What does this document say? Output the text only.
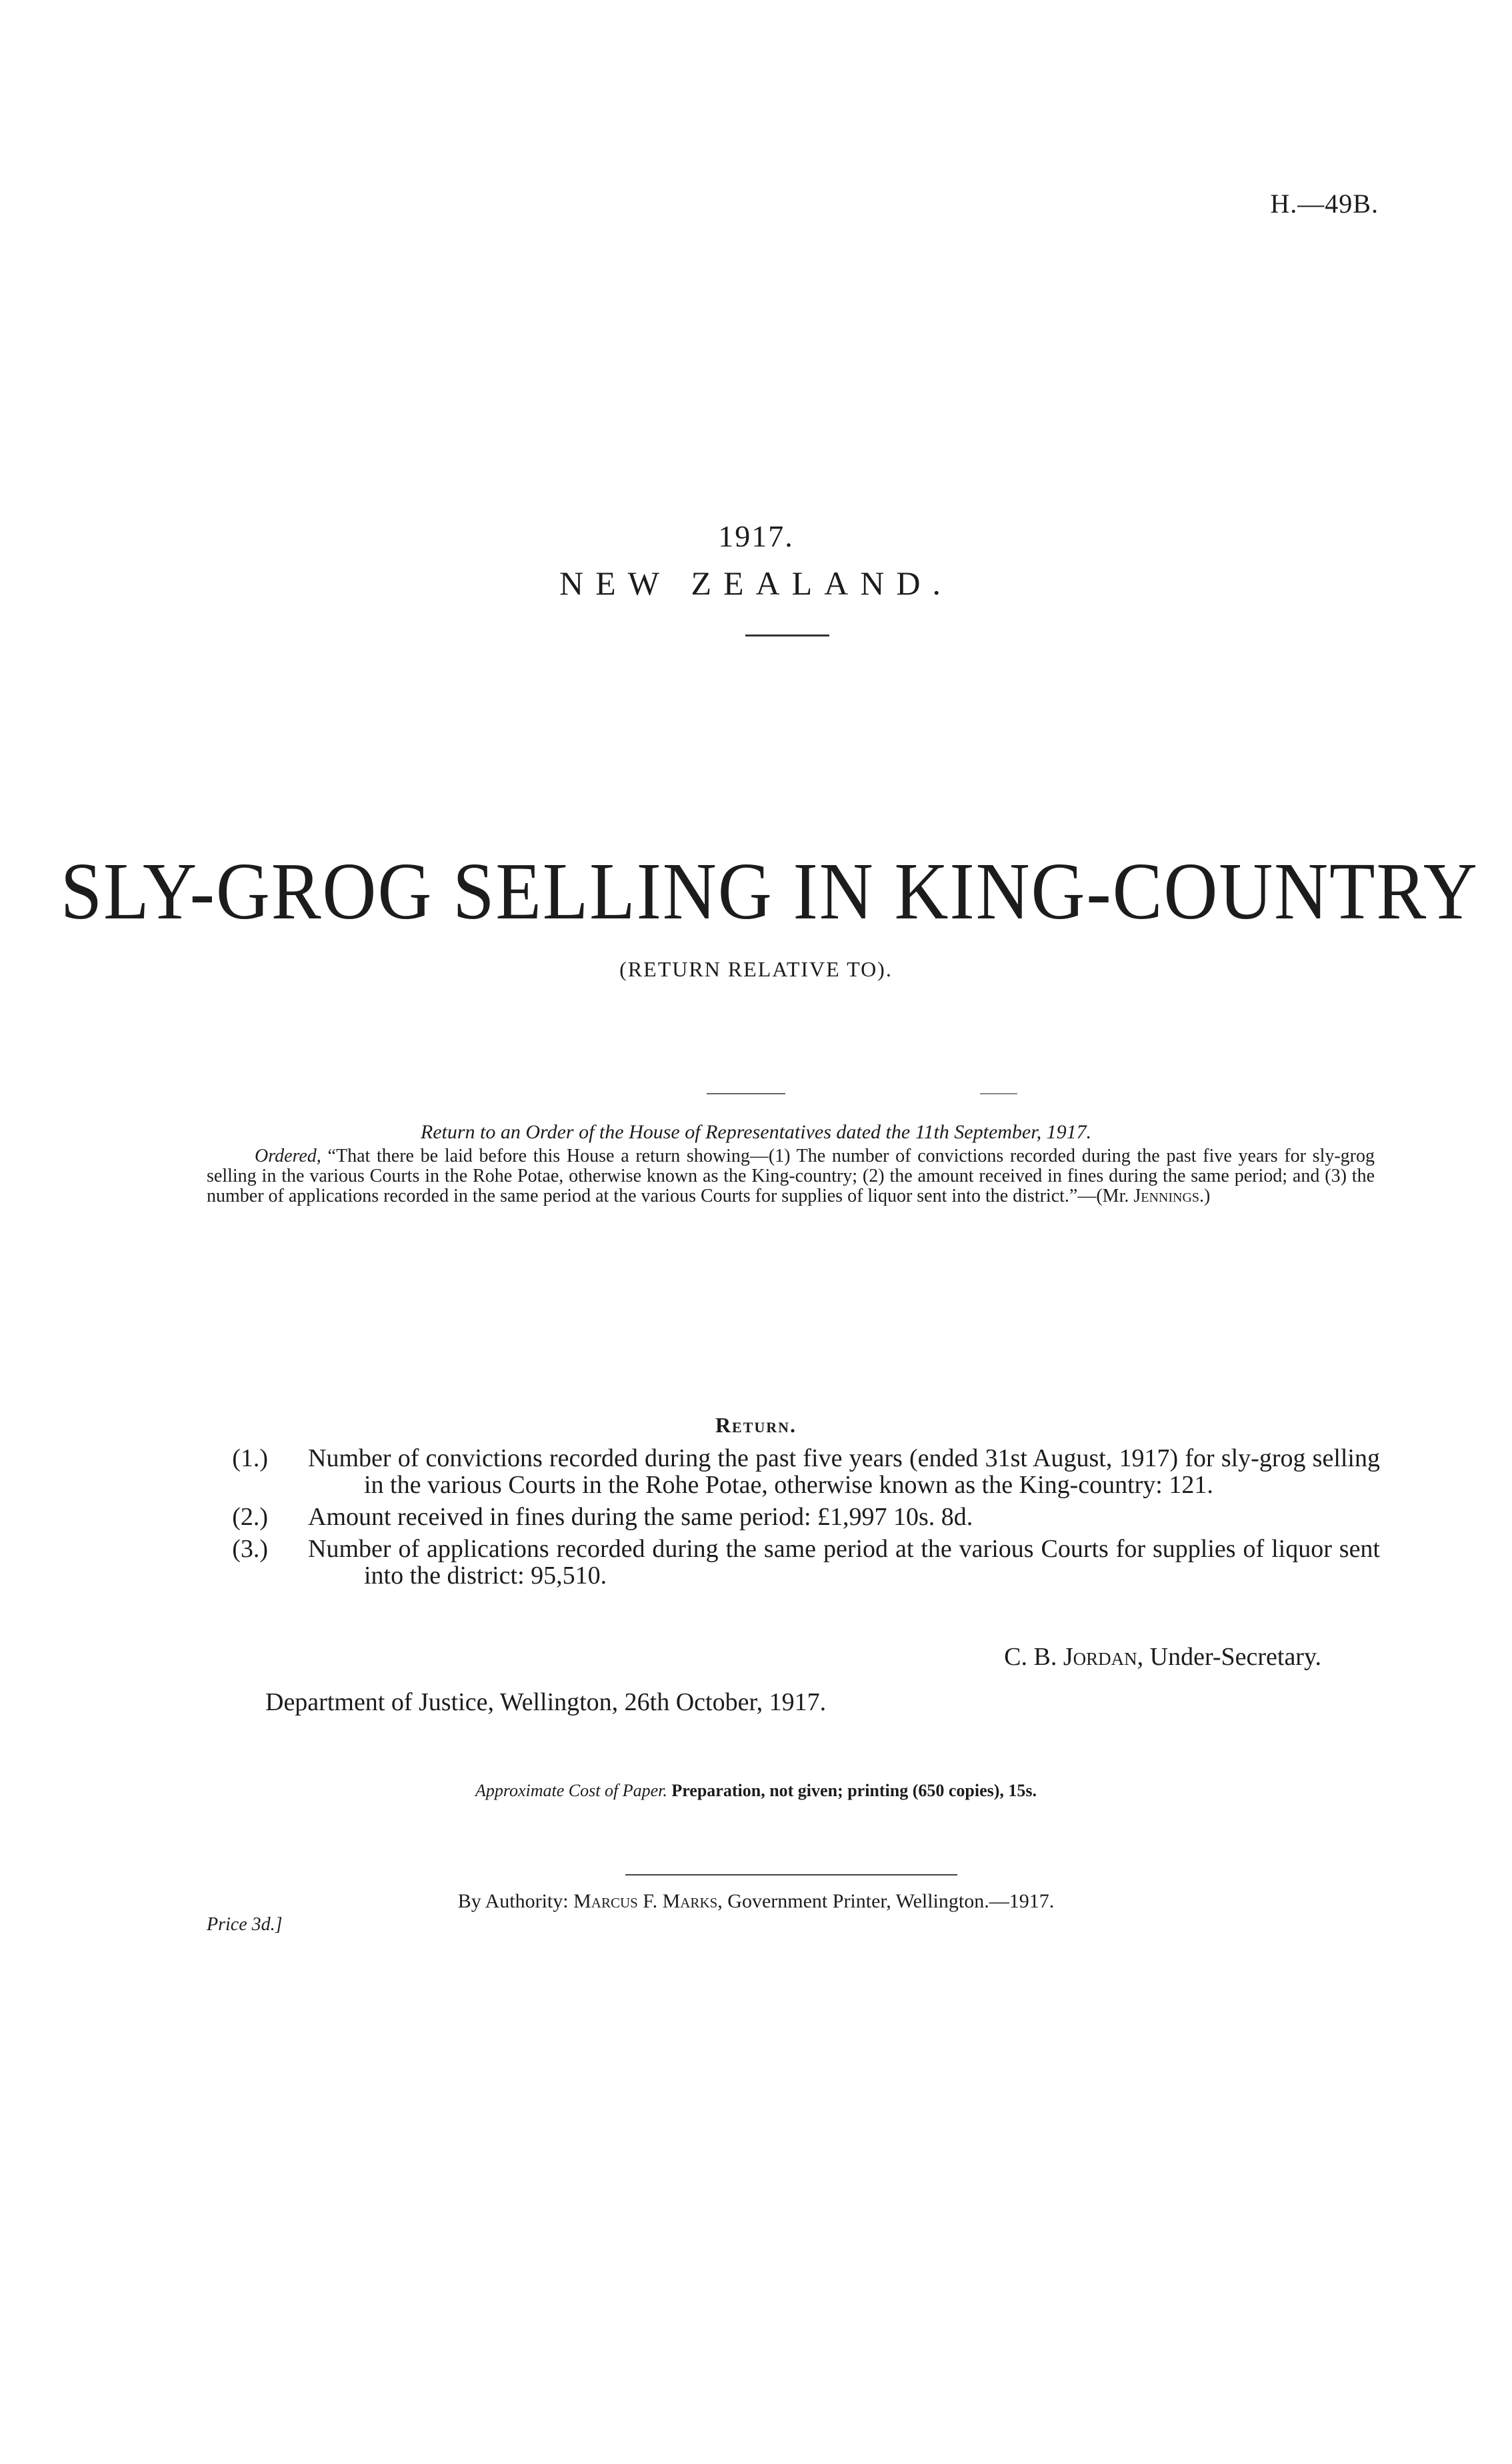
H.—49B.
1917.
NEW ZEALAND.
SLY-GROG SELLING IN KING-COUNTRY
(RETURN RELATIVE TO).
Return to an Order of the House of Representatives dated the 11th September, 1917.
Ordered, “That there be laid before this House a return showing—(1) The number of convictions recorded during the past five years for sly-grog selling in the various Courts in the Rohe Potae, otherwise known as the King-country; (2) the amount received in fines during the same period; and (3) the number of applications recorded in the same period at the various Courts for supplies of liquor sent into the district.”—(Mr. Jennings.)
Return.
(1.) Number of convictions recorded during the past five years (ended 31st August, 1917) for sly-grog selling in the various Courts in the Rohe Potae, otherwise known as the King-country: 121.
(2.) Amount received in fines during the same period: £1,997 10s. 8d.
(3.) Number of applications recorded during the same period at the various Courts for supplies of liquor sent into the district: 95,510.
C. B. Jordan, Under-Secretary.
Department of Justice, Wellington, 26th October, 1917.
Approximate Cost of Paper. Preparation, not given; printing (650 copies), 15s.
By Authority: Marcus F. Marks, Government Printer, Wellington.—1917.
Price 3d.]
